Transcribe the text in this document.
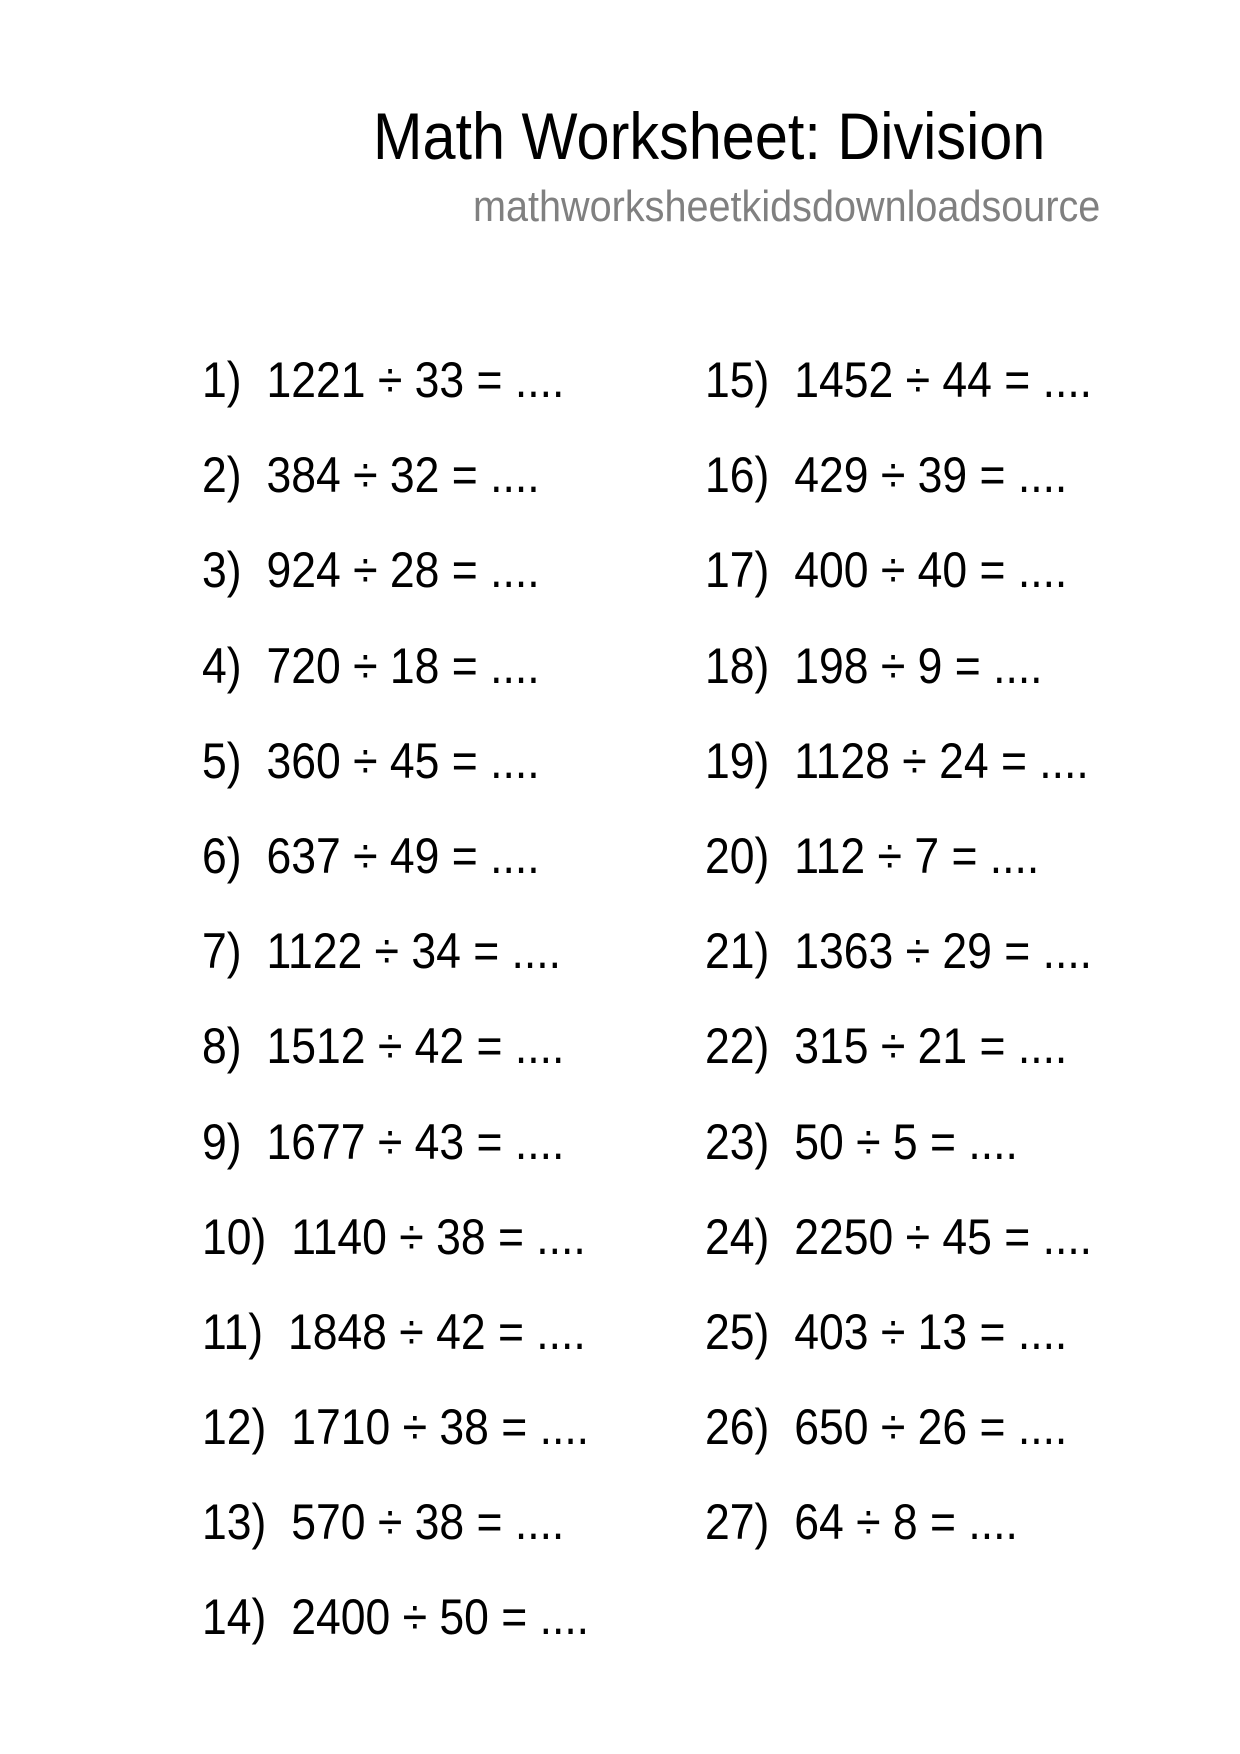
Math Worksheet: Division
mathworksheetkidsdownloadsource
1) 1221 ÷ 33 = ....
2) 384 ÷ 32 = ....
3) 924 ÷ 28 = ....
4) 720 ÷ 18 = ....
5) 360 ÷ 45 = ....
6) 637 ÷ 49 = ....
7) 1122 ÷ 34 = ....
8) 1512 ÷ 42 = ....
9) 1677 ÷ 43 = ....
10) 1140 ÷ 38 = ....
11) 1848 ÷ 42 = ....
12) 1710 ÷ 38 = ....
13) 570 ÷ 38 = ....
14) 2400 ÷ 50 = ....
15) 1452 ÷ 44 = ....
16) 429 ÷ 39 = ....
17) 400 ÷ 40 = ....
18) 198 ÷ 9 = ....
19) 1128 ÷ 24 = ....
20) 112 ÷ 7 = ....
21) 1363 ÷ 29 = ....
22) 315 ÷ 21 = ....
23) 50 ÷ 5 = ....
24) 2250 ÷ 45 = ....
25) 403 ÷ 13 = ....
26) 650 ÷ 26 = ....
27) 64 ÷ 8 = ....
